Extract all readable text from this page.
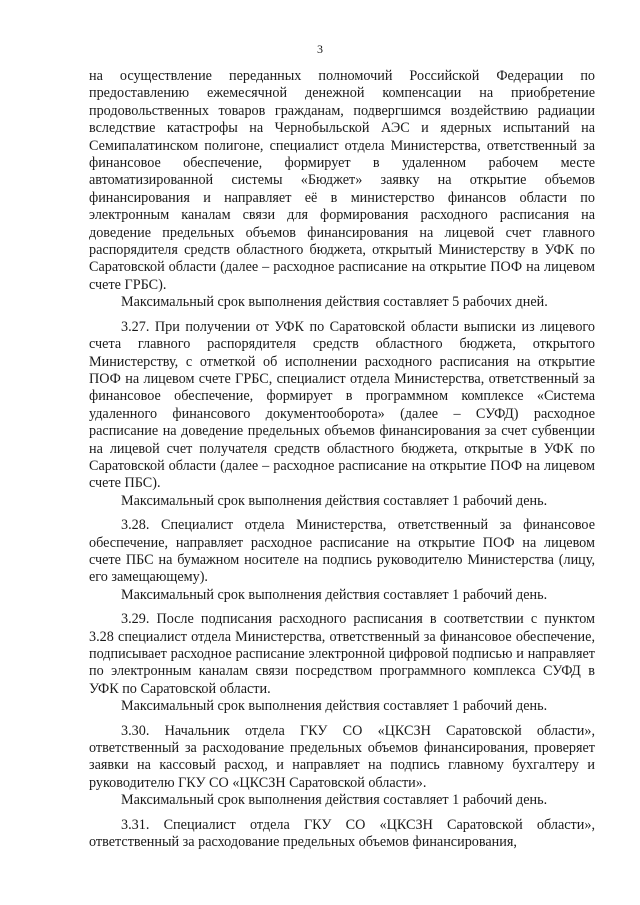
3

на осуществление переданных полномочий Российской Федерации по предоставлению ежемесячной денежной компенсации на приобретение продовольственных товаров гражданам, подвергшимся воздействию радиации вследствие катастрофы на Чернобыльской АЭС и ядерных испытаний на Семипалатинском полигоне, специалист отдела Министерства, ответственный за финансовое обеспечение, формирует в удаленном рабочем месте автоматизированной системы «Бюджет» заявку на открытие объемов финансирования и направляет её в министерство финансов области по электронным каналам связи для формирования расходного расписания на доведение предельных объемов финансирования на лицевой счет главного распорядителя средств областного бюджета, открытый Министерству в УФК по Саратовской области (далее – расходное расписание на открытие ПОФ на лицевом счете ГРБС).

Максимальный срок выполнения действия составляет 5 рабочих дней.

3.27. При получении от УФК по Саратовской области выписки из лицевого счета главного распорядителя средств областного бюджета, открытого Министерству, с отметкой об исполнении расходного расписания на открытие ПОФ на лицевом счете ГРБС, специалист отдела Министерства, ответственный за финансовое обеспечение, формирует в программном комплексе «Система удаленного финансового документооборота» (далее – СУФД) расходное расписание на доведение предельных объемов финансирования за счет субвенции на лицевой счет получателя средств областного бюджета, открытые в УФК по Саратовской области (далее – расходное расписание на открытие ПОФ на лицевом счете ПБС).

Максимальный срок выполнения действия составляет 1 рабочий день.

3.28. Специалист отдела Министерства, ответственный за финансовое обеспечение, направляет расходное расписание на открытие ПОФ на лицевом счете ПБС на бумажном носителе на подпись руководителю Министерства (лицу, его замещающему).

Максимальный срок выполнения действия составляет 1 рабочий день.

3.29. После подписания расходного расписания в соответствии с пунктом 3.28 специалист отдела Министерства, ответственный за финансовое обеспечение, подписывает расходное расписание электронной цифровой подписью и направляет по электронным каналам связи посредством программного комплекса СУФД в УФК по Саратовской области.

Максимальный срок выполнения действия составляет 1 рабочий день.

3.30. Начальник отдела ГКУ СО «ЦКСЗН Саратовской области», ответственный за расходование предельных объемов финансирования, проверяет заявки на кассовый расход, и направляет на подпись главному бухгалтеру и руководителю ГКУ СО «ЦКСЗН Саратовской области».

Максимальный срок выполнения действия составляет 1 рабочий день.

3.31. Специалист отдела ГКУ СО «ЦКСЗН Саратовской области», ответственный за расходование предельных объемов финансирования,
